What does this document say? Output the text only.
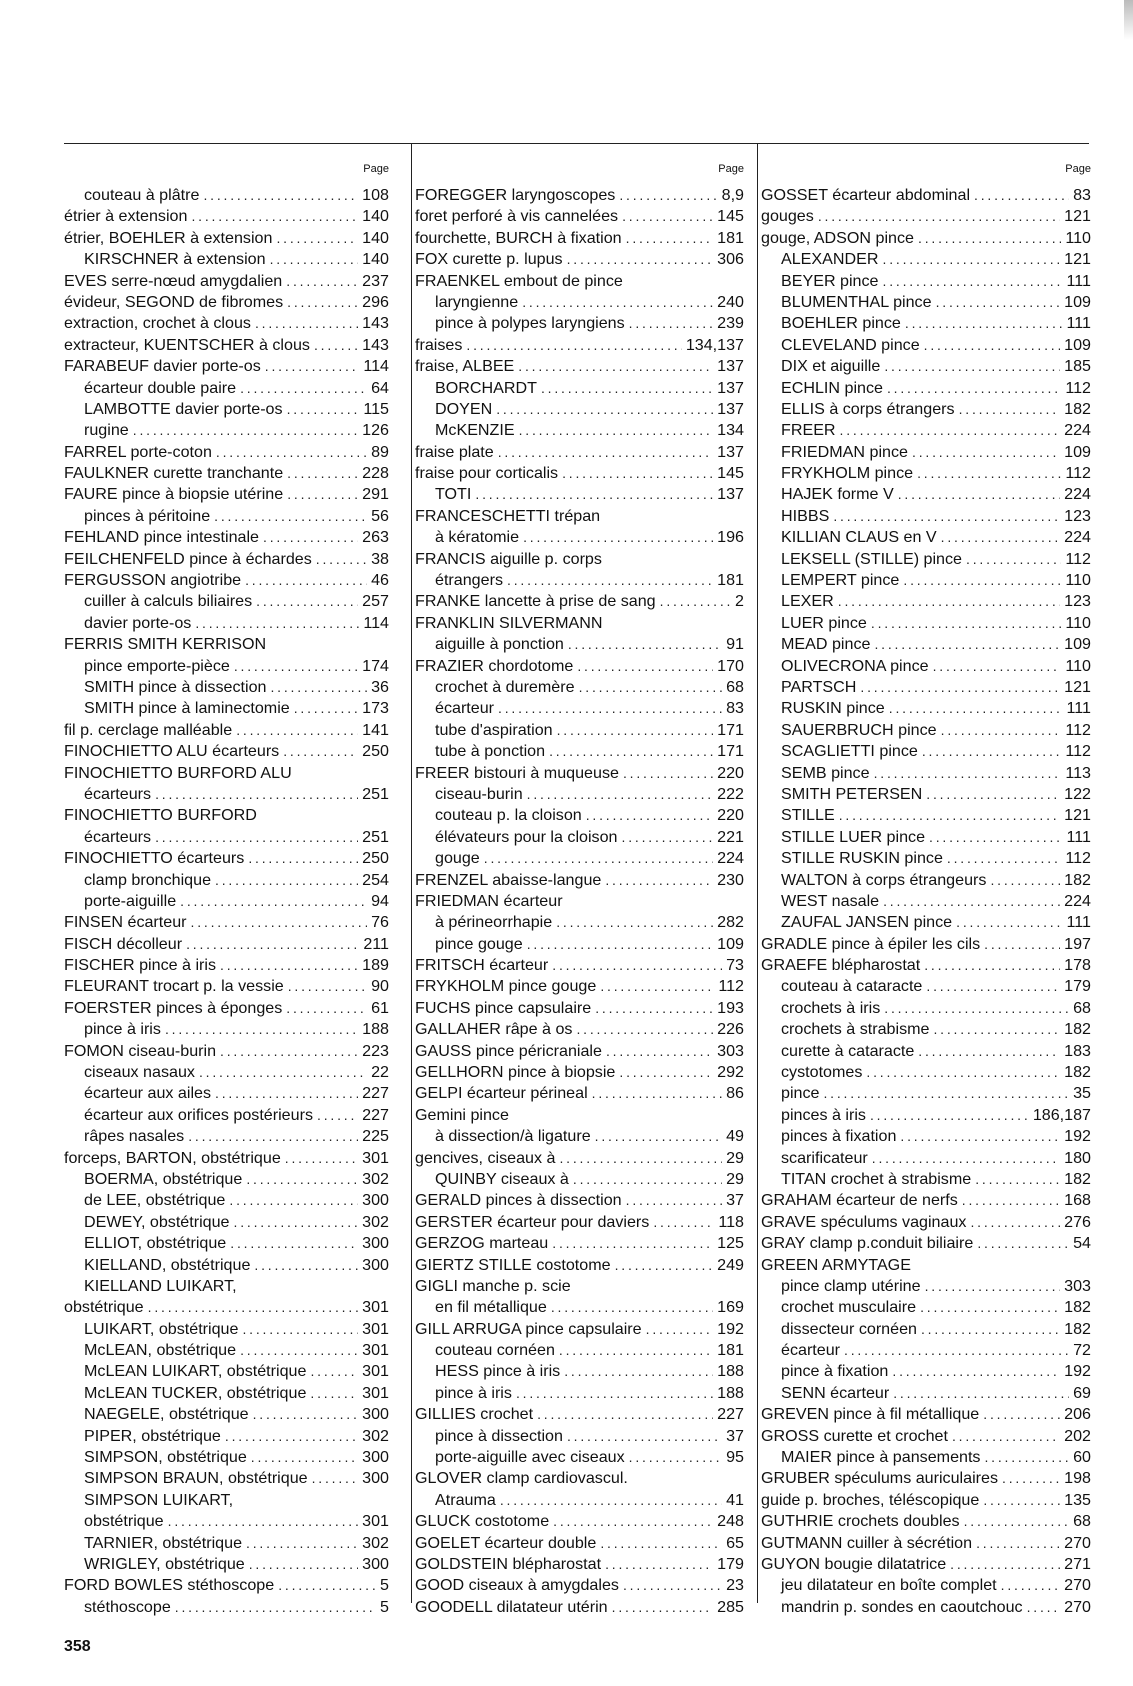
Page
couteau à plâtre .....	108
étrier à extension .....	140
étrier, BOEHLER à extension .....	140
KIRSCHNER à extension .....	140
EVES serre-nœud amygdalien .....	237
évideur, SEGOND de fibromes .....	296
extraction, crochet à clous .....	143
extracteur, KUENTSCHER à clous .....	143
FARABEUF davier porte-os .....	114
écarteur double paire .....	64
LAMBOTTE davier porte-os .....	115
rugine .....	126
FARREL porte-coton .....	89
FAULKNER curette tranchante .....	228
FAURE pince à biopsie utérine .....	291
pinces à péritoine .....	56
FEHLAND pince intestinale .....	263
FEILCHENFELD pince à échardes .....	38
FERGUSSON angiotribe .....	46
cuiller à calculs biliaires .....	257
davier porte-os .....	114
FERRIS SMITH KERRISON
pince emporte-pièce .....	174
SMITH pince à dissection .....	36
SMITH pince à laminectomie .....	173
fil p. cerclage malléable .....	141
FINOCHIETTO ALU écarteurs .....	250
FINOCHIETTO BURFORD ALU
écarteurs .....	251
FINOCHIETTO BURFORD
écarteurs .....	251
FINOCHIETTO écarteurs .....	250
clamp bronchique .....	254
porte-aiguille .....	94
FINSEN écarteur .....	76
FISCH décolleur .....	211
FISCHER pince à iris .....	189
FLEURANT trocart p. la vessie .....	90
FOERSTER pinces à éponges .....	61
pince à iris .....	188
FOMON ciseau-burin .....	223
ciseaux nasaux .....	22
écarteur aux ailes .....	227
écarteur aux orifices postérieurs .....	227
râpes nasales .....	225
forceps, BARTON, obstétrique .....	301
BOERMA, obstétrique .....	302
de LEE, obstétrique .....	300
DEWEY, obstétrique .....	302
ELLIOT, obstétrique .....	300
KIELLAND, obstétrique .....	300
KIELLAND LUIKART,
obstétrique .....	301
LUIKART, obstétrique .....	301
McLEAN, obstétrique .....	301
McLEAN LUIKART, obstétrique .....	301
McLEAN TUCKER, obstétrique .....	301
NAEGELE, obstétrique .....	300
PIPER, obstétrique .....	302
SIMPSON, obstétrique .....	300
SIMPSON BRAUN, obstétrique .....	300
SIMPSON LUIKART,
obstétrique .....	301
TARNIER, obstétrique .....	302
WRIGLEY, obstétrique .....	300
FORD BOWLES stéthoscope .....	5
stéthoscope .....	5
Page
FOREGGER laryngoscopes .....	8,9
foret perforé à vis cannelées .....	145
fourchette, BURCH à fixation .....	181
FOX curette p. lupus .....	306
FRAENKEL embout de pince
laryngienne .....	240
pince à polypes laryngiens .....	239
fraises .....	134,137
fraise, ALBEE .....	137
BORCHARDT .....	137
DOYEN .....	137
McKENZIE .....	134
fraise plate .....	137
fraise pour corticalis .....	145
TOTI .....	137
FRANCESCHETTI trépan
à kératomie .....	196
FRANCIS aiguille p. corps
étrangers .....	181
FRANKE lancette à prise de sang .....	2
FRANKLIN SILVERMANN
aiguille à ponction .....	91
FRAZIER chordotome .....	170
crochet à duremère .....	68
écarteur .....	83
tube d'aspiration .....	171
tube à ponction .....	171
FREER bistouri à muqueuse .....	220
ciseau-burin .....	222
couteau p. la cloison .....	220
élévateurs pour la cloison .....	221
gouge .....	224
FRENZEL abaisse-langue .....	230
FRIEDMAN écarteur
à périneorrhapie .....	282
pince gouge .....	109
FRITSCH écarteur .....	73
FRYKHOLM pince gouge .....	112
FUCHS pince capsulaire .....	193
GALLAHER râpe à os .....	226
GAUSS pince péricraniale .....	303
GELLHORN pince à biopsie .....	292
GELPI écarteur périneal .....	86
Gemini pince
à dissection/à ligature .....	49
gencives, ciseaux à .....	29
QUINBY ciseaux à .....	29
GERALD pinces à dissection .....	37
GERSTER écarteur pour daviers .....	118
GERZOG marteau .....	125
GIERTZ STILLE costotome .....	249
GIGLI manche p. scie
en fil métallique .....	169
GILL ARRUGA pince capsulaire .....	192
couteau cornéen .....	181
HESS pince à iris .....	188
pince à iris .....	188
GILLIES crochet .....	227
pince à dissection .....	37
porte-aiguille avec ciseaux .....	95
GLOVER clamp cardiovascul.
Atrauma .....	41
GLUCK costotome .....	248
GOELET écarteur double .....	65
GOLDSTEIN blépharostat .....	179
GOOD ciseaux à amygdales .....	23
GOODELL dilatateur utérin .....	285
Page
GOSSET écarteur abdominal .....	83
gouges .....	121
gouge, ADSON pince .....	110
ALEXANDER .....	121
BEYER pince .....	111
BLUMENTHAL pince .....	109
BOEHLER pince .....	111
CLEVELAND pince .....	109
DIX et aiguille .....	185
ECHLIN pince .....	112
ELLIS à corps étrangers .....	182
FREER .....	224
FRIEDMAN pince .....	109
FRYKHOLM pince .....	112
HAJEK forme V .....	224
HIBBS .....	123
KILLIAN CLAUS en V .....	224
LEKSELL (STILLE) pince .....	112
LEMPERT pince .....	110
LEXER .....	123
LUER pince .....	110
MEAD pince .....	109
OLIVECRONA pince .....	110
PARTSCH .....	121
RUSKIN pince .....	111
SAUERBRUCH pince .....	112
SCAGLIETTI pince .....	112
SEMB pince .....	113
SMITH PETERSEN .....	122
STILLE .....	121
STILLE LUER pince .....	111
STILLE RUSKIN pince .....	112
WALTON à corps étrangeurs .....	182
WEST nasale .....	224
ZAUFAL JANSEN pince .....	111
GRADLE pince à épiler les cils .....	197
GRAEFE blépharostat .....	178
couteau à cataracte .....	179
crochets à iris .....	68
crochets à strabisme .....	182
curette à cataracte .....	183
cystotomes .....	182
pince .....	35
pinces à iris .....	186,187
pinces à fixation .....	192
scarificateur .....	180
TITAN crochet à strabisme .....	182
GRAHAM écarteur de nerfs .....	168
GRAVE spéculums vaginaux .....	276
GRAY clamp p.conduit biliaire .....	54
GREEN ARMYTAGE
pince clamp utérine .....	303
crochet musculaire .....	182
dissecteur cornéen .....	182
écarteur .....	72
pince à fixation .....	192
SENN écarteur .....	69
GREVEN pince à fil métallique .....	206
GROSS curette et crochet .....	202
MAIER pince à pansements .....	60
GRUBER spéculums auriculaires .....	198
guide p. broches, téléscopique .....	135
GUTHRIE crochets doubles .....	68
GUTMANN cuiller à sécrétion .....	270
GUYON bougie dilatatrice .....	271
jeu dilatateur en boîte complet .....	270
mandrin p. sondes en caoutchouc .....	270
358
